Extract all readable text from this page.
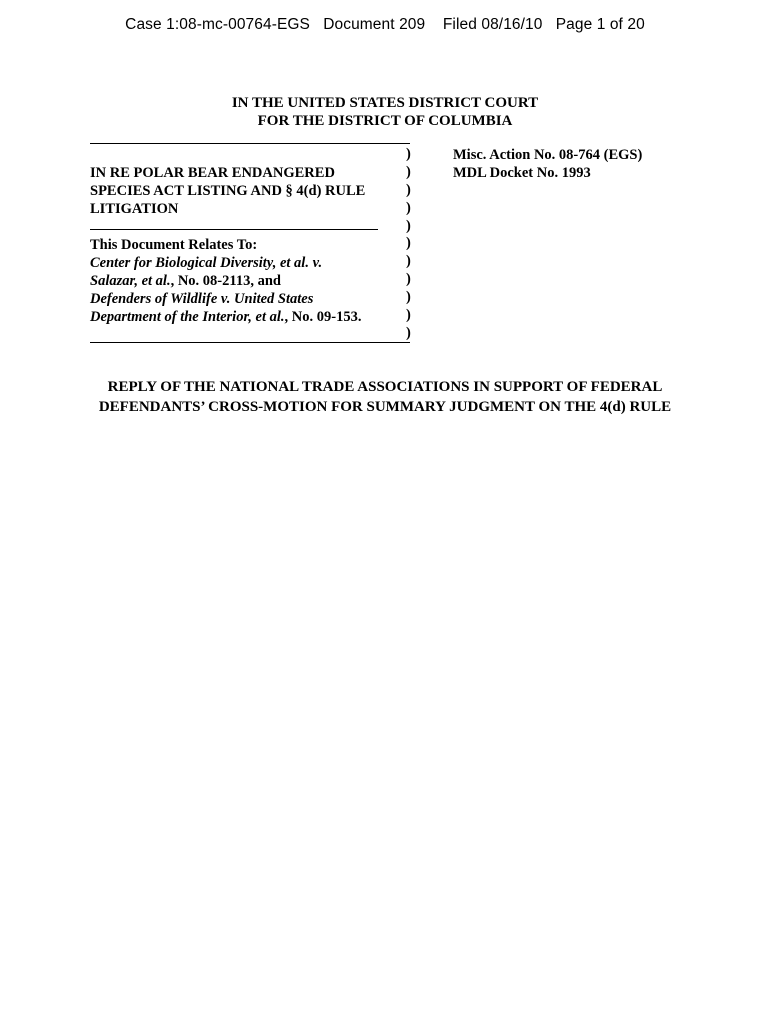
Case 1:08-mc-00764-EGS   Document 209    Filed 08/16/10   Page 1 of 20
IN THE UNITED STATES DISTRICT COURT
FOR THE DISTRICT OF COLUMBIA
IN RE POLAR BEAR ENDANGERED
SPECIES ACT LISTING AND § 4(d) RULE
LITIGATION
This Document Relates To:
Center for Biological Diversity, et al. v.
Salazar, et al., No. 08-2113, and
Defenders of Wildlife v. United States
Department of the Interior, et al., No. 09-153.
)
)
)
)
)
)
)
)
)
)
)
Misc. Action No. 08-764 (EGS)
MDL Docket No. 1993
REPLY OF THE NATIONAL TRADE ASSOCIATIONS IN SUPPORT OF FEDERAL
DEFENDANTS’ CROSS-MOTION FOR SUMMARY JUDGMENT ON THE 4(d) RULE
